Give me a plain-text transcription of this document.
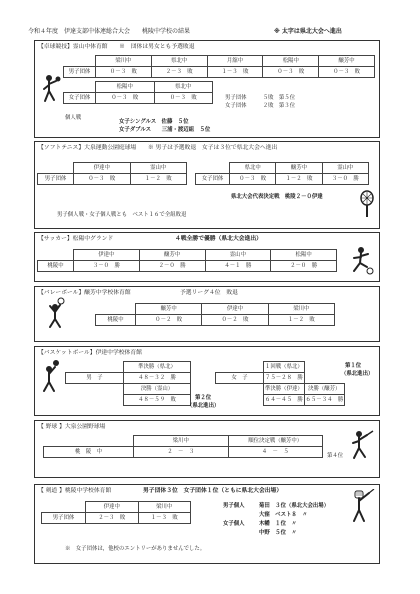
令和４年度　伊達支部中体連総合大会　　桃陵中学校の結果	※ 太字は県北大会へ進出
【卓球競技】霊山中体育館　　※　団体は男女とも予選敗退
	梁川中	県北中	月舘中	松陽中	醸芳中
男子団体	０－３　敗	２－３　敗	１－３　敗	０－３　敗	０－３　敗
	松陽中	県北中
女子団体	０－３　敗	０－３　敗	男子団体　　　５敗　第５位
女子団体　　　２敗　第３位
個人戦
女子シングルス　佐藤　５位
女子ダブルス　　三浦・渡辺組　５位
【ソフトテニス】大泉運動公園庭球場　　※ 男子は予選敗退　女子は３位で県北大会へ進出
	伊達中	霊山中
男子団体	０－３　敗	１－２　敗
	県北中	醸芳中	霊山中
女子団体	０－３　敗	１－２　敗	３－０　勝
県北大会代表決定戦　桃陵２－０伊達
男子個人戦・女子個人戦とも　ベスト１６で全組敗退
【サッカー】松陽中グランド	４戦全勝で優勝（県北大会進出）
	伊達中	醸芳中	霊山中	松陽中
桃陵中	３－０　勝	２－０　勝	４－１　勝	２－０　勝
【バレーボール】醸芳中学校体育館	予選リーグ４位　敗退
	醸芳中	伊達中	梁川中
桃陵中	０－２　敗	０－２　敗	１－２　敗
【バスケットボール】伊達中学校体育館
	準決勝（県北）
男　子	４８－３２　勝
	決勝（霊山）
	４８－５９　敗	第２位
（県北進出）
	１回戦（県北）	
女　子	７５－２８　勝	
	準決勝（伊達）	決勝（醸芳）
	６４－４５　勝	６５－３４　勝
第１位
（県北進出）
【 野球 】大泉公園野球場
	梁川中	順位決定戦（醸芳中）
桃　陵　中	２　－　３	４　－　５
第４位
【 剣道 】桃陵中学校体育館	男子団体３位　女子団体１位（ともに県北大会出場）
	伊達中	梁川中
男子団体	２－３　敗	１－３　敗
男子個人	菊田　３位（県北大会出場）
大窪　ベスト８　〃
女子個人	木幡　１位　〃
中野　５位　〃
※　女子団体は，他校のエントリーがありませんでした。
